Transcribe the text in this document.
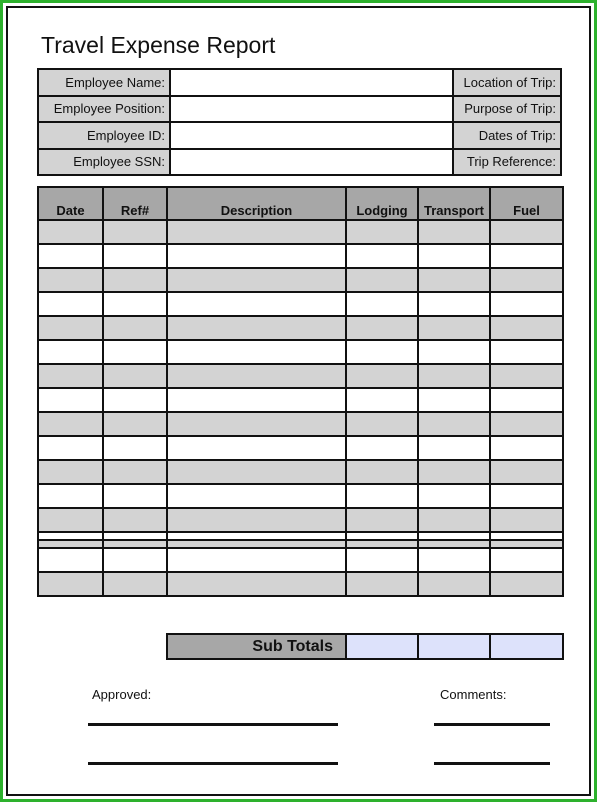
Travel Expense Report
Employee Name:		Location of Trip:
Employee Position:		Purpose of Trip:
Employee ID:		Dates of Trip:
Employee SSN:		Trip Reference:
Date	Ref#	Description	Lodging	Transport	Fuel

Sub Totals			
Approved:	Comments:
